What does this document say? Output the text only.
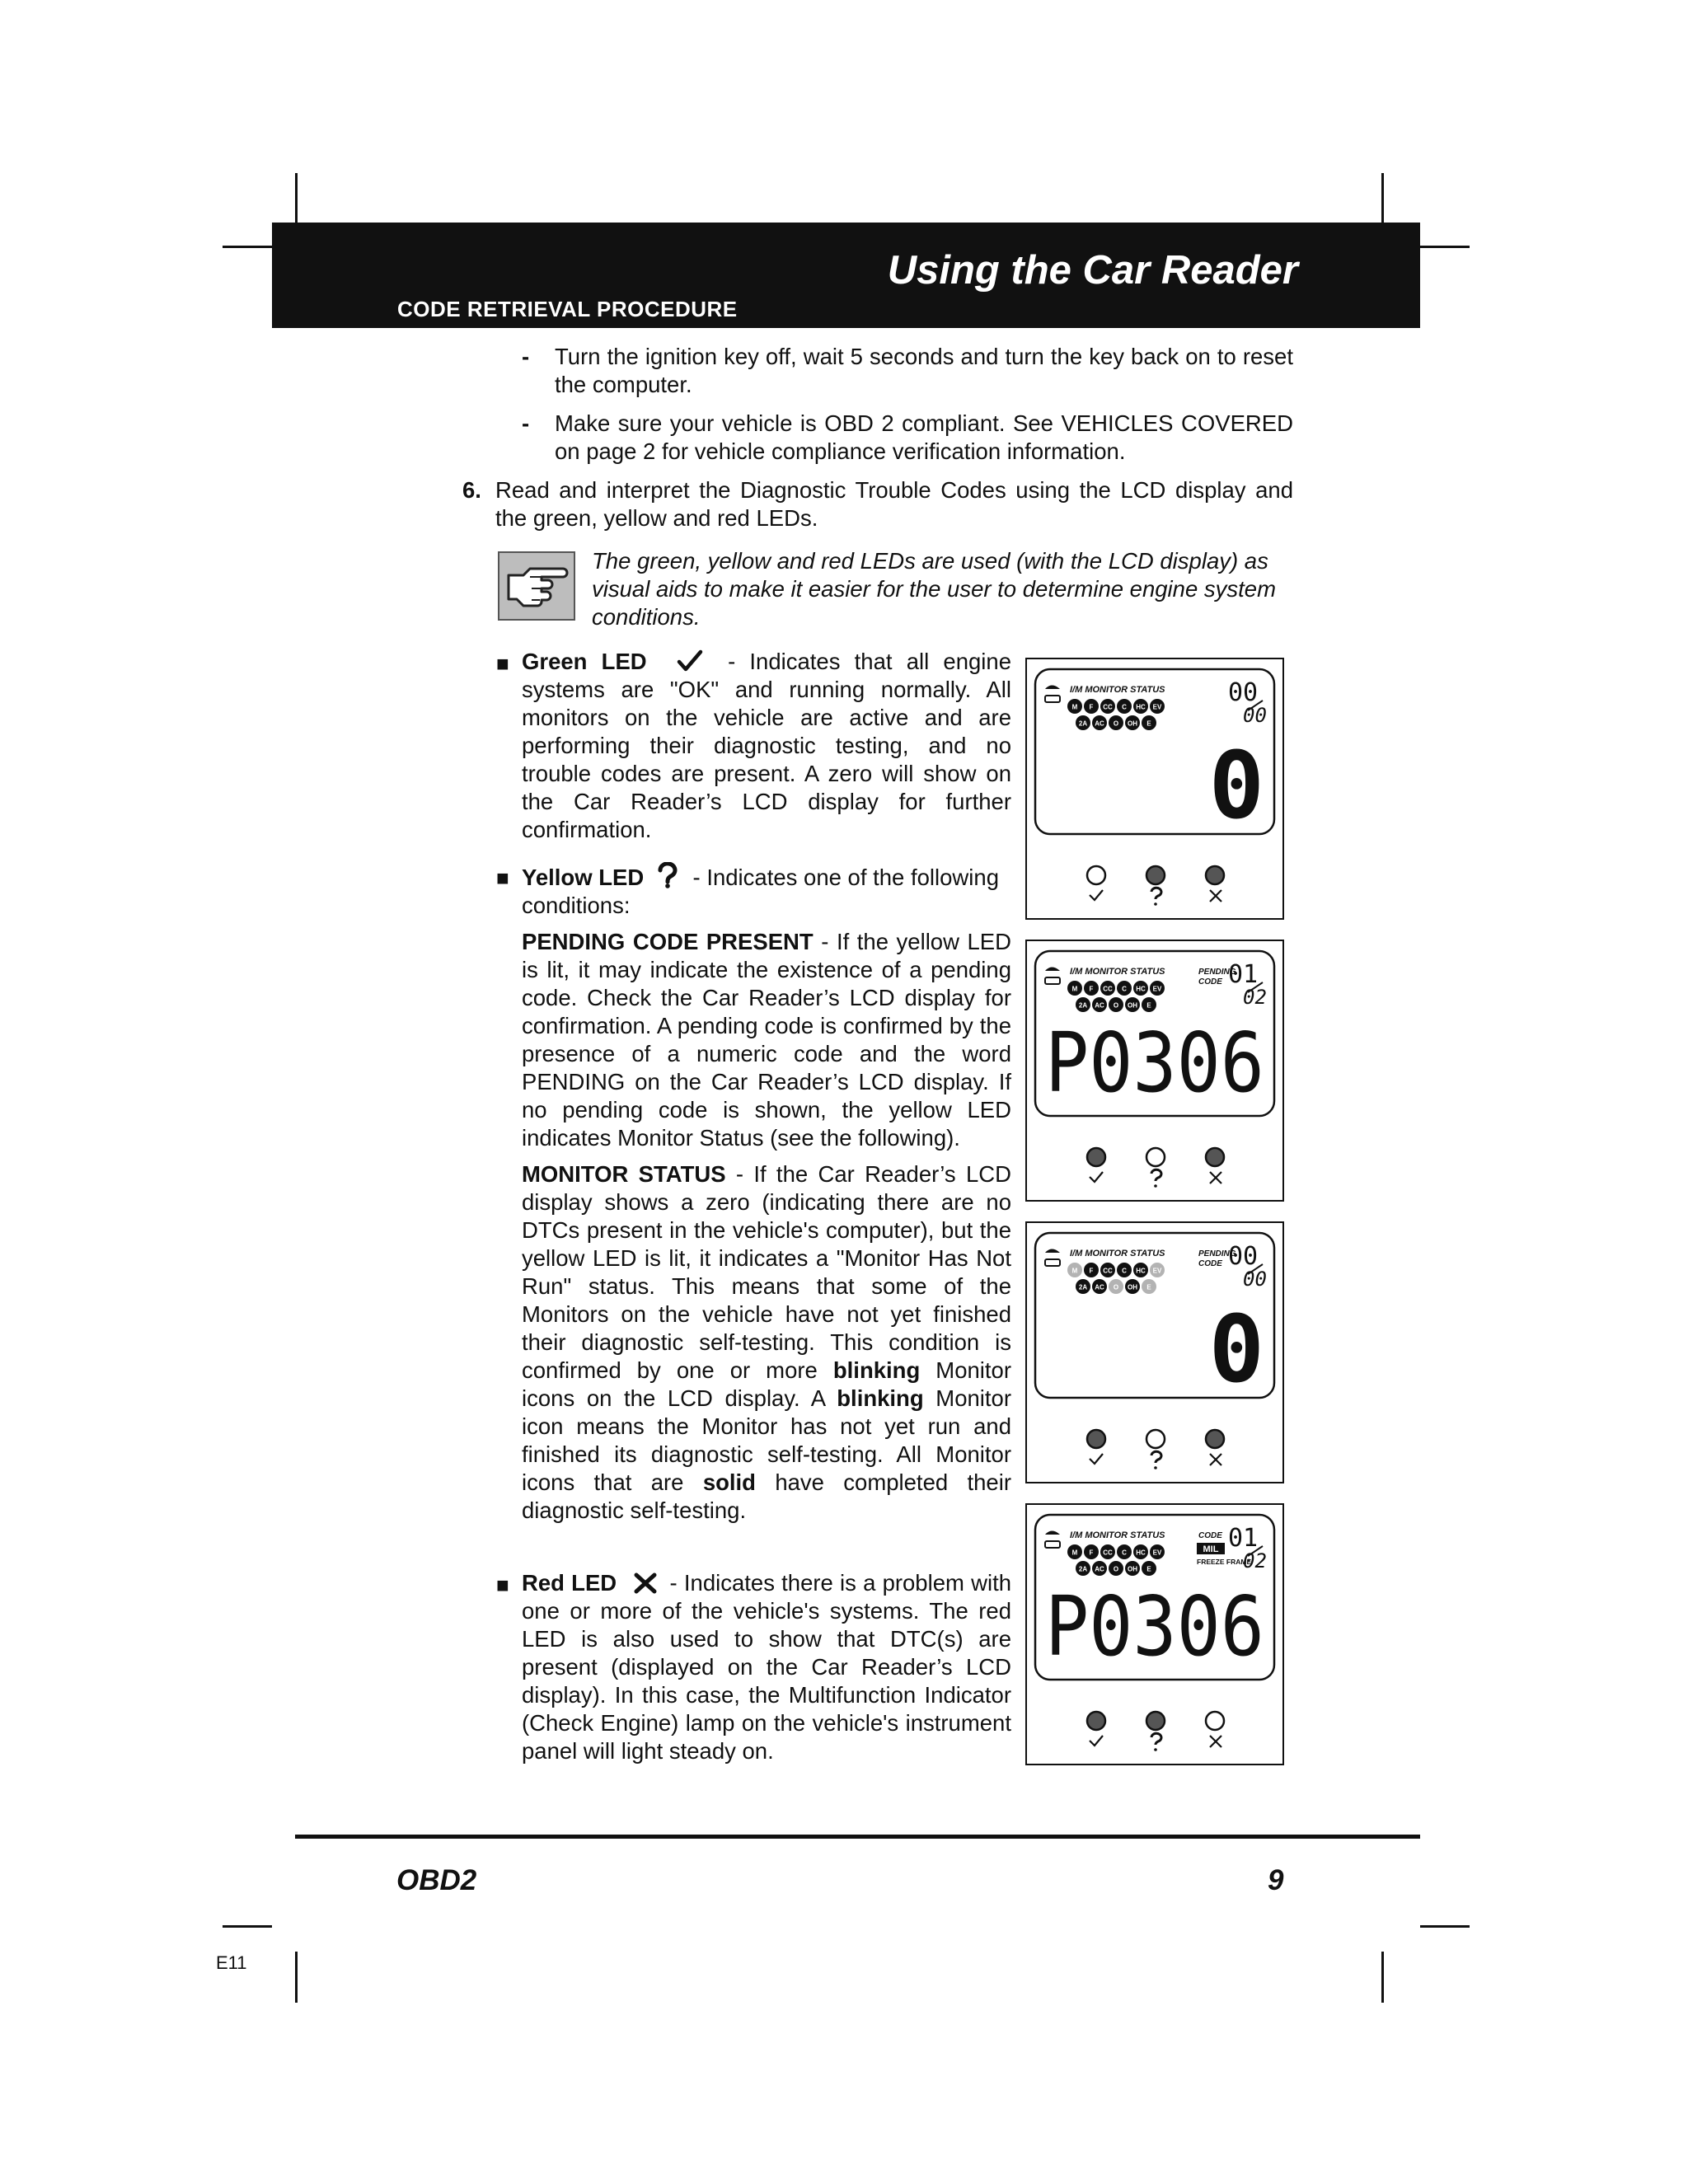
Using the Car Reader
CODE RETRIEVAL PROCEDURE
- Turn the ignition key off, wait 5 seconds and turn the key back on to reset the computer.
- Make sure your vehicle is OBD 2 compliant. See VEHICLES COVERED on page 2 for vehicle compliance verification information.
6. Read and interpret the Diagnostic Trouble Codes using the LCD display and the green, yellow and red LEDs.
The green, yellow and red LEDs are used (with the LCD display) as visual aids to make it easier for the user to determine engine system conditions.
■ Green LED	- Indicates that all engine systems are "OK" and running normally. All monitors on the vehicle are active and are performing their diagnostic testing, and no trouble codes are present. A zero will show on the Car Reader’s LCD display for further confirmation.

■ Yellow LED  - Indicates one of the following conditions:

PENDING CODE PRESENT - If the yellow LED is lit, it may indicate the existence of a pending code. Check the Car Reader’s LCD display for confirmation. A pending code is confirmed by the presence of a numeric code and the word PENDING on the Car Reader’s LCD display. If no pending code is shown, the yellow LED indicates Monitor Status (see the following).

MONITOR STATUS - If the Car Reader’s LCD display shows a zero (indicating there are no DTCs present in the vehicle's computer), but the yellow LED is lit, it indicates a "Monitor Has Not Run" status. This means that some of the Monitors on the vehicle have not yet finished their diagnostic self-testing. This condition is confirmed by one or more blinking Monitor icons on the LCD display. A blinking Monitor icon means the Monitor has not yet run and finished its diagnostic self-testing. All Monitor icons that are solid have completed their diagnostic self-testing.

■ Red LED  - Indicates there is a problem with one or more of the vehicle's systems. The red LED is also used to show that DTC(s) are present (displayed on the Car Reader’s LCD display). In this case, the Multifunction Indicator (Check Engine) lamp on the vehicle's instrument panel will light steady on.

I/M MONITOR STATUS
M F CC C HC EV
2A AC O OH E
00
00
0
I/M MONITOR STATUS
M F CC C HC EV
2A AC O OH E
PENDING
CODE 01
02
P0306
I/M MONITOR STATUS
M F CC C HC EV
2A AC O OH E
PENDING
CODE 00
00
0
I/M MONITOR STATUS
M F CC C HC EV
2A AC O OH E
CODE
MIL
FREEZE FRAME
01
02
P0306
OBD2	9
E11
